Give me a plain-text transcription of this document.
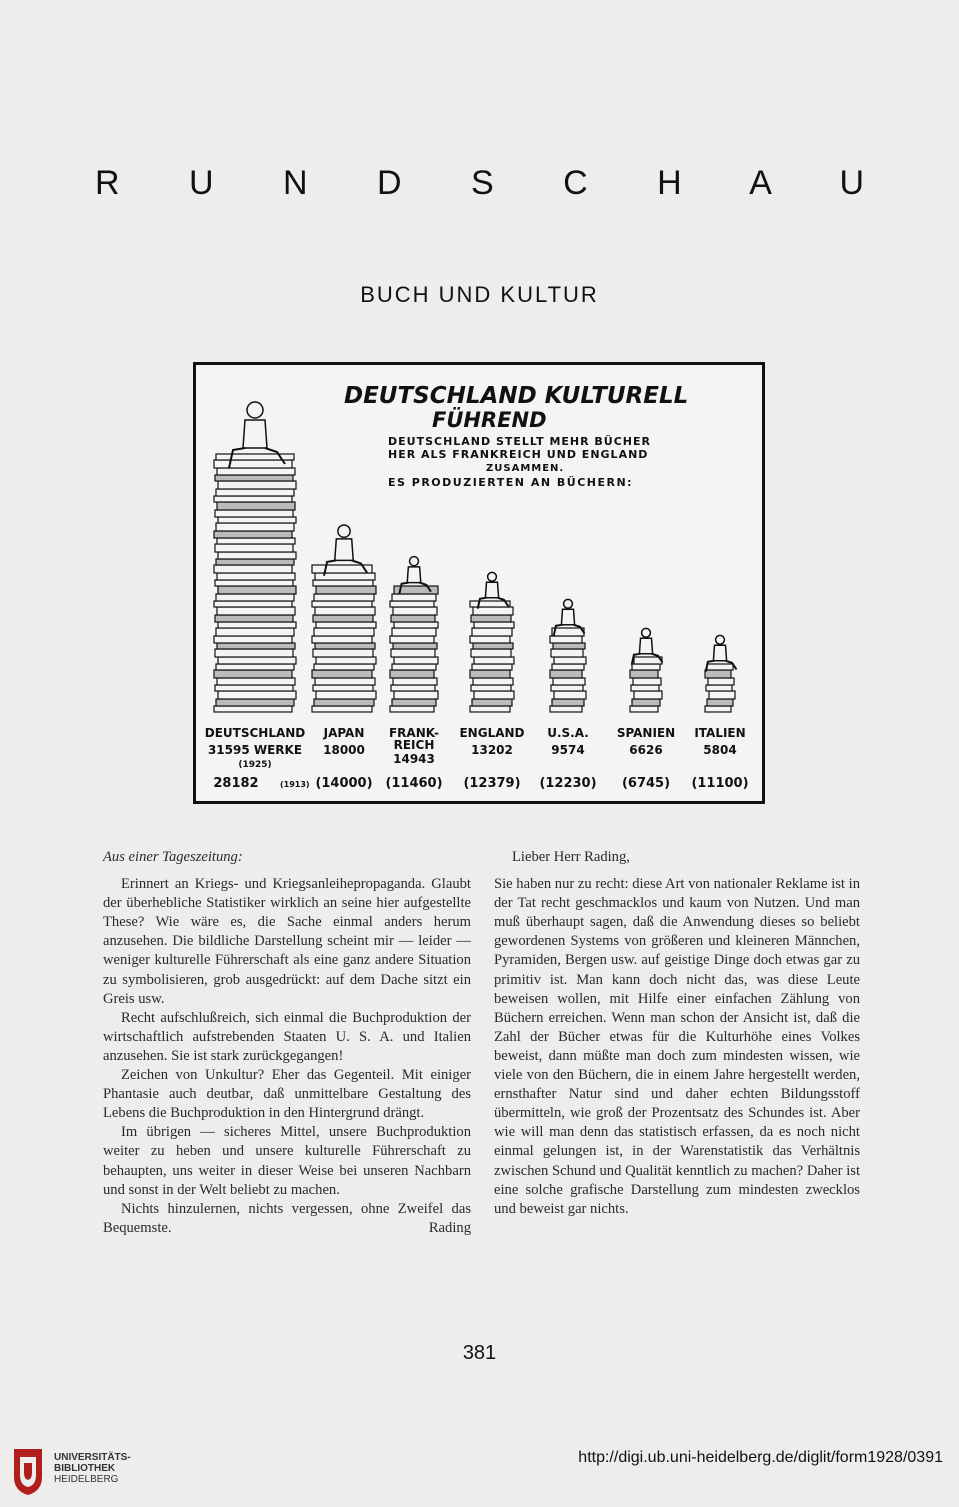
R U N D S C H A U
BUCH UND KULTUR
DEUTSCHLAND KULTURELL
FÜHREND
DEUTSCHLAND STELLT MEHR BÜCHER
HER ALS FRANKREICH UND ENGLAND
ZUSAMMEN.
ES PRODUZIERTEN AN BÜCHERN:
DEUTSCHLAND
31595 WERKE
28182
JAPAN
18000
(14000)
FRANK-
14943
(11460)
ENGLAND
13202
(12379)
U.S.A.
9574
(12230)
SPANIEN
6626
(6745)
ITALIEN
5804
(11100)
REICH
(1925)
(1913)

Aus einer Tageszeitung:

Erinnert an Kriegs- und Kriegsanleihepropaganda. Glaubt der überhebliche Statistiker wirklich an seine hier aufgestellte These? Wie wäre es, die Sache einmal anders herum anzusehen. Die bildliche Darstellung scheint mir — leider — weniger kulturelle Führerschaft als eine ganz andere Situation zu symbolisieren, grob ausgedrückt: auf dem Dache sitzt ein Greis usw.

Recht aufschlußreich, sich einmal die Buchproduktion der wirtschaftlich aufstrebenden Staaten U. S. A. und Italien anzusehen. Sie ist stark zurückgegangen!

Zeichen von Unkultur? Eher das Gegenteil. Mit einiger Phantasie auch deutbar, daß unmittelbare Gestaltung des Lebens die Buchproduktion in den Hintergrund drängt.

Im übrigen — sicheres Mittel, unsere Buchproduktion weiter zu heben und unsere kulturelle Führerschaft zu behaupten, uns weiter in dieser Weise bei unseren Nachbarn und sonst in der Welt beliebt zu machen.

Nichts hinzulernen, nichts vergessen, ohne Zweifel das Bequemste.	Rading

Lieber Herr Rading,

Sie haben nur zu recht: diese Art von nationaler Reklame ist in der Tat recht geschmacklos und kaum von Nutzen. Und man muß überhaupt sagen, daß die Anwendung dieses so beliebt gewordenen Systems von größeren und kleineren Männchen, Pyramiden, Bergen usw. auf geistige Dinge doch etwas gar zu primitiv ist. Man kann doch nicht das, was diese Leute beweisen wollen, mit Hilfe einer einfachen Zählung von Büchern erreichen. Wenn man schon der Ansicht ist, daß die Zahl der Bücher etwas für die Kulturhöhe eines Volkes beweist, dann müßte man doch zum mindesten wissen, wie viele von den Büchern, die in einem Jahre hergestellt werden, ernsthafter Natur sind und daher echten Bildungsstoff übermitteln, wie groß der Prozentsatz des Schundes ist. Aber wie will man denn das statistisch erfassen, da es noch nicht einmal gelungen ist, in der Warenstatistik das Verhältnis zwischen Schund und Qualität kenntlich zu machen? Daher ist eine solche grafische Darstellung zum mindesten zwecklos und beweist gar nichts.

381
UNIVERSITÄTS-
BIBLIOTHEK
HEIDELBERG
http://digi.ub.uni-heidelberg.de/diglit/form1928/0391
